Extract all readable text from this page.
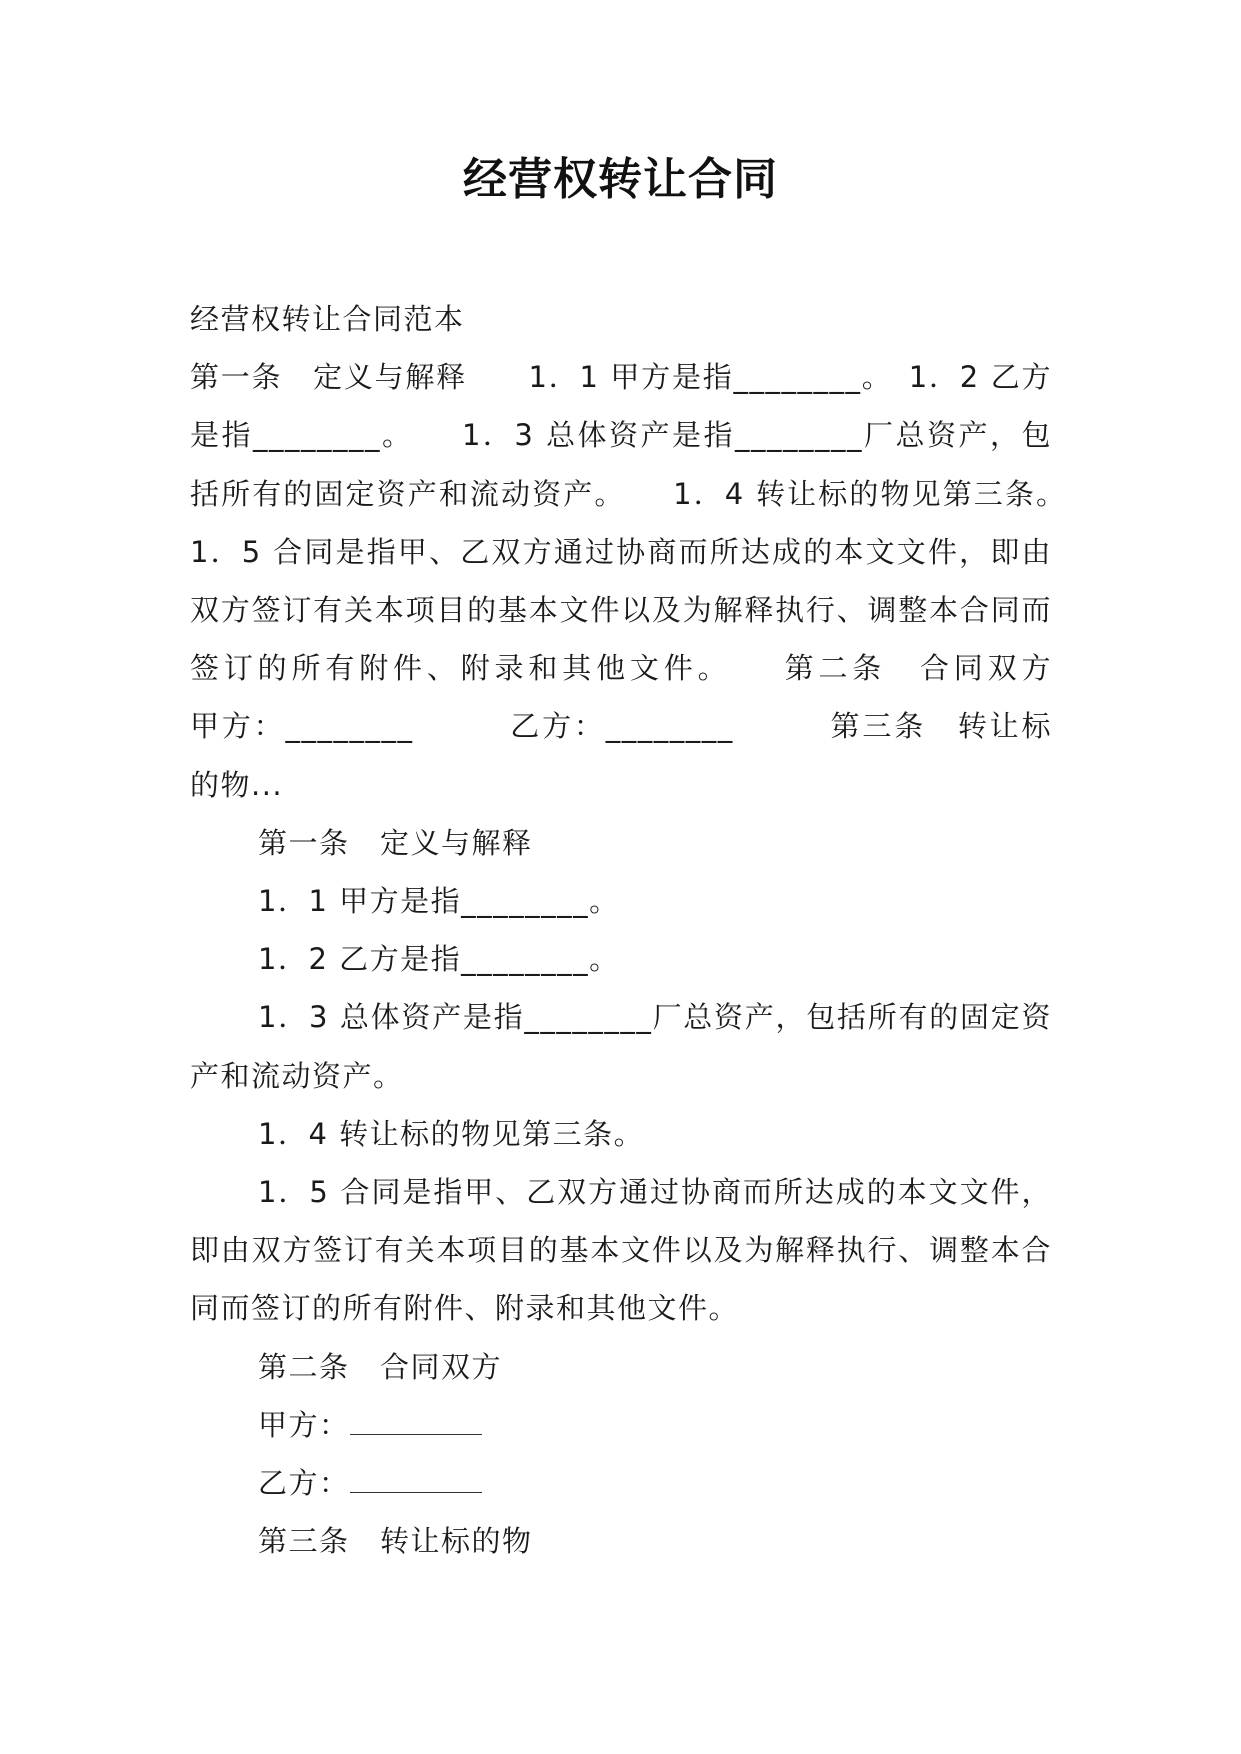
经营权转让合同

经营权转让合同范本

第一条　定义与解释　　1．1 甲方是指________。　1．2 乙方是指________。　　1．3 总体资产是指________厂总资产，包括所有的固定资产和流动资产。　　1．4 转让标的物见第三条。　　1．5 合同是指甲、乙双方通过协商而所达成的本文文件，即由双方签订有关本项目的基本文件以及为解释执行、调整本合同而签订的所有附件、附录和其他文件。　　第二条　合同双方　　甲方：________　　　乙方：________　　　第三条　转让标的物...

第一条　定义与解释

1．1 甲方是指________。

1．2 乙方是指________。

1．3 总体资产是指________厂总资产，包括所有的固定资产和流动资产。

1．4 转让标的物见第三条。

1．5 合同是指甲、乙双方通过协商而所达成的本文文件，即由双方签订有关本项目的基本文件以及为解释执行、调整本合同而签订的所有附件、附录和其他文件。

第二条　合同双方

甲方：

乙方：

第三条　转让标的物
